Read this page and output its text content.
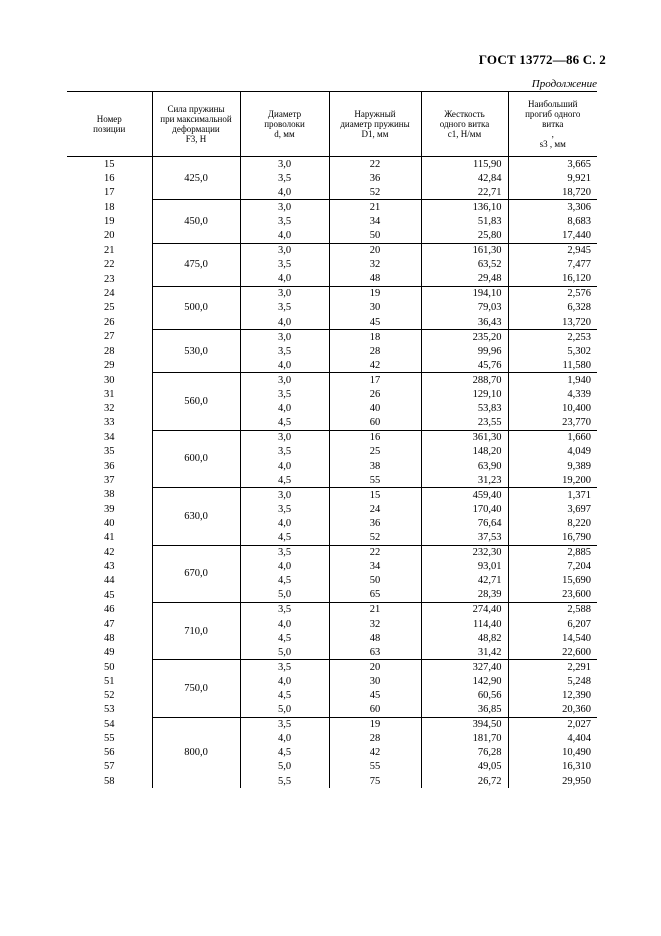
ГОСТ 13772—86 С. 2
Продолжение
Номер
позиции	Сила пружины
при максимальной
деформации
F3, Н	Диаметр
проволоки
d, мм	Наружный
диаметр пружины
D1, мм	Жесткость
одного витка
c1, Н/мм	Наибольший
прогиб одного
витка
,
s3 , мм

15	425,0	3,0	22	115,90	3,665
16		3,5	36	42,84	9,921
17		4,0	52	22,71	18,720
18	450,0	3,0	21	136,10	3,306
19		3,5	34	51,83	8,683
20		4,0	50	25,80	17,440
21	475,0	3,0	20	161,30	2,945
22		3,5	32	63,52	7,477
23		4,0	48	29,48	16,120
24	500,0	3,0	19	194,10	2,576
25		3,5	30	79,03	6,328
26		4,0	45	36,43	13,720
27	530,0	3,0	18	235,20	2,253
28		3,5	28	99,96	5,302
29		4,0	42	45,76	11,580
30	560,0	3,0	17	288,70	1,940
31		3,5	26	129,10	4,339
32		4,0	40	53,83	10,400
33		4,5	60	23,55	23,770
34	600,0	3,0	16	361,30	1,660
35		3,5	25	148,20	4,049
36		4,0	38	63,90	9,389
37		4,5	55	31,23	19,200
38	630,0	3,0	15	459,40	1,371
39		3,5	24	170,40	3,697
40		4,0	36	76,64	8,220
41		4,5	52	37,53	16,790
42	670,0	3,5	22	232,30	2,885
43		4,0	34	93,01	7,204
44		4,5	50	42,71	15,690
45		5,0	65	28,39	23,600
46	710,0	3,5	21	274,40	2,588
47		4,0	32	114,40	6,207
48		4,5	48	48,82	14,540
49		5,0	63	31,42	22,600
50	750,0	3,5	20	327,40	2,291
51		4,0	30	142,90	5,248
52		4,5	45	60,56	12,390
53		5,0	60	36,85	20,360
54	800,0	3,5	19	394,50	2,027
55		4,0	28	181,70	4,404
56		4,5	42	76,28	10,490
57		5,0	55	49,05	16,310
58		5,5	75	26,72	29,950
